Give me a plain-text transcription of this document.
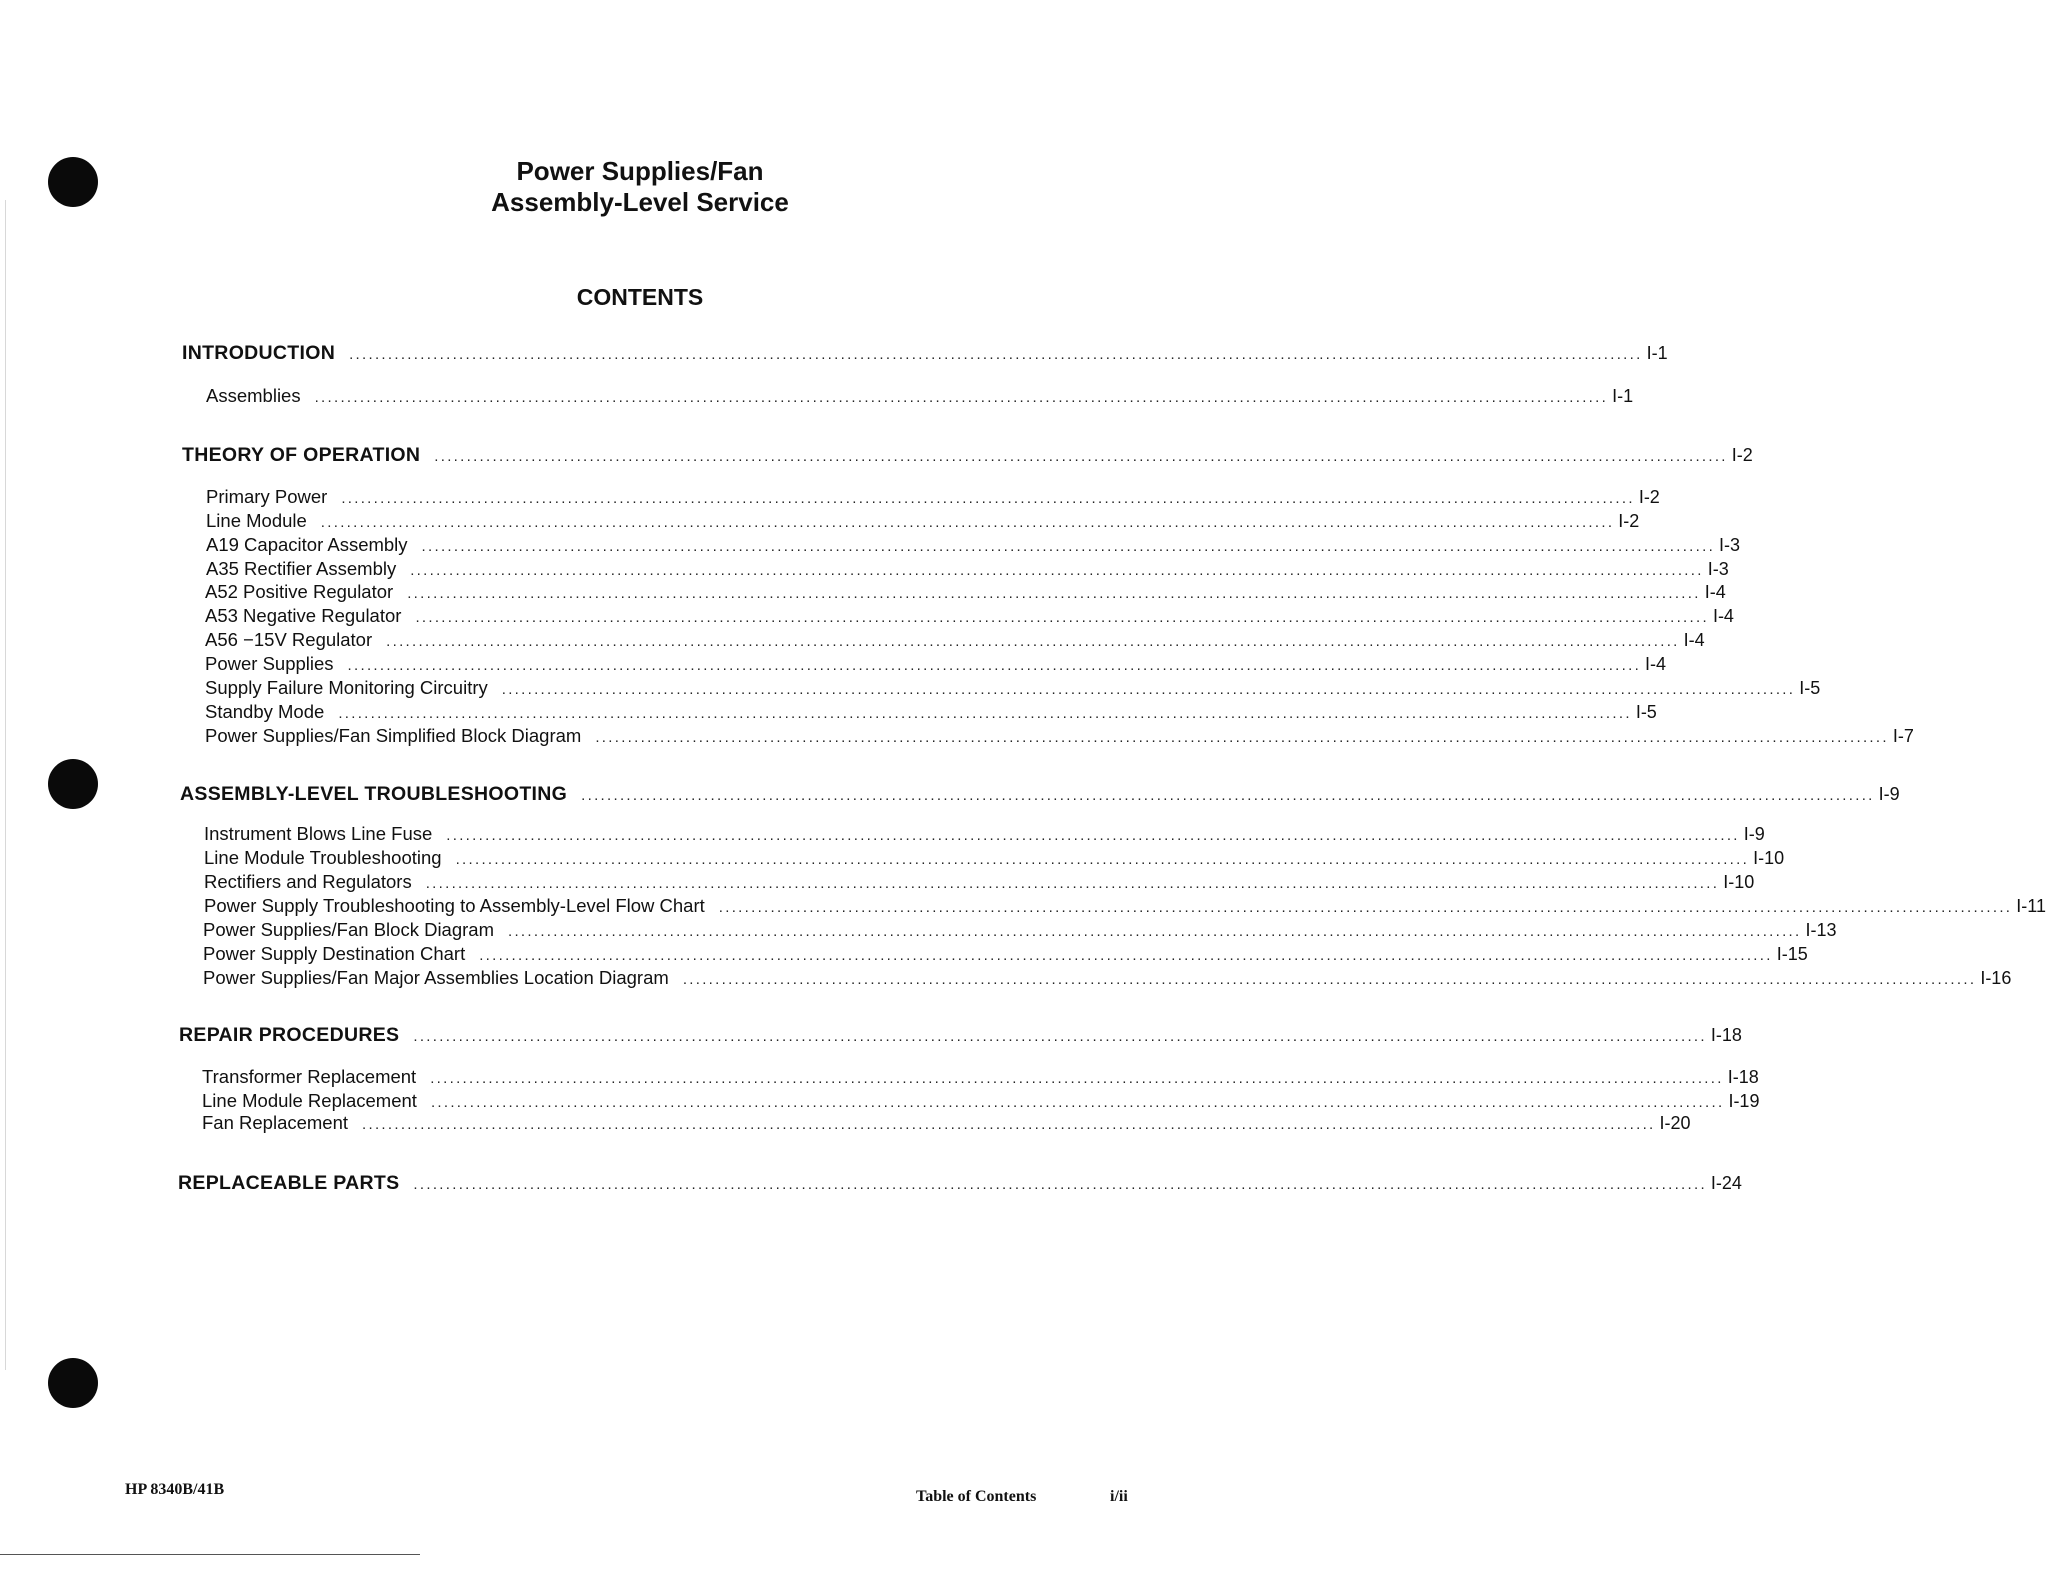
Power Supplies/Fan
Assembly-Level Service
CONTENTS
INTRODUCTION ........................................................................................................................................................................................................ I-1
Assemblies ........................................................................................................................................................................................................ I-1
THEORY OF OPERATION ........................................................................................................................................................................................................ I-2
Primary Power ........................................................................................................................................................................................................ I-2
Line Module ........................................................................................................................................................................................................ I-2
A19 Capacitor Assembly ........................................................................................................................................................................................................ I-3
A35 Rectifier Assembly ........................................................................................................................................................................................................ I-3
A52 Positive Regulator ........................................................................................................................................................................................................ I-4
A53 Negative Regulator ........................................................................................................................................................................................................ I-4
A56 −15V Regulator ........................................................................................................................................................................................................ I-4
Power Supplies ........................................................................................................................................................................................................ I-4
Supply Failure Monitoring Circuitry ........................................................................................................................................................................................................ I-5
Standby Mode ........................................................................................................................................................................................................ I-5
Power Supplies/Fan Simplified Block Diagram ........................................................................................................................................................................................................ I-7
ASSEMBLY-LEVEL TROUBLESHOOTING ........................................................................................................................................................................................................ I-9
Instrument Blows Line Fuse ........................................................................................................................................................................................................ I-9
Line Module Troubleshooting ........................................................................................................................................................................................................ I-10
Rectifiers and Regulators ........................................................................................................................................................................................................ I-10
Power Supply Troubleshooting to Assembly-Level Flow Chart ........................................................................................................................................................................................................ I-11
Power Supplies/Fan Block Diagram ........................................................................................................................................................................................................ I-13
Power Supply Destination Chart ........................................................................................................................................................................................................ I-15
Power Supplies/Fan Major Assemblies Location Diagram ........................................................................................................................................................................................................ I-16
REPAIR PROCEDURES ........................................................................................................................................................................................................ I-18
Transformer Replacement ........................................................................................................................................................................................................ I-18
Line Module Replacement ........................................................................................................................................................................................................ I-19
Fan Replacement ........................................................................................................................................................................................................ I-20
REPLACEABLE PARTS ........................................................................................................................................................................................................ I-24
HP 8340B/41B	Table of Contents	i/ii
